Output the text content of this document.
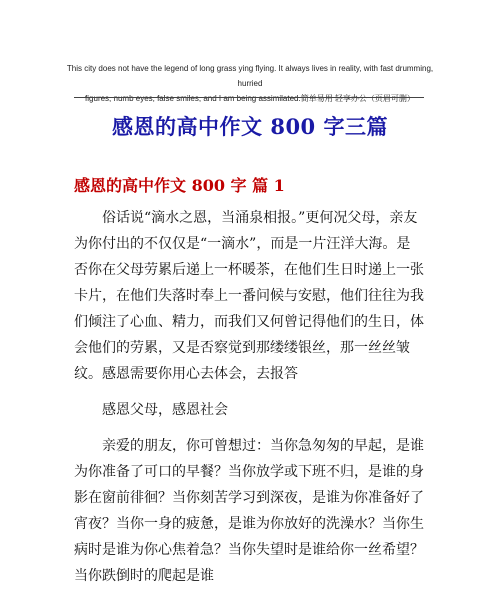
This city does not have the legend of long grass ying flying. It always lives in reality, with fast drumming, hurried
figures, numb eyes, false smiles, and I am being assimilated.简单易用 轻享办公（页眉可删）
感恩的高中作文 800 字三篇
感恩的高中作文 800 字 篇 1
俗话说“滴水之恩，当涌泉相报。”更何况父母，亲友为你付出的不仅仅是“一滴水”，而是一片汪洋大海。是否你在父母劳累后递上一杯暖茶，在他们生日时递上一张卡片，在他们失落时奉上一番问候与安慰，他们往往为我们倾注了心血、精力，而我们又何曾记得他们的生日，体会他们的劳累，又是否察觉到那缕缕银丝，那一丝丝皱纹。感恩需要你用心去体会，去报答
感恩父母，感恩社会
亲爱的朋友，你可曾想过：当你急匆匆的早起，是谁为你准备了可口的早餐？当你放学或下班不归，是谁的身影在窗前徘徊？当你刻苦学习到深夜，是谁为你准备好了宵夜？当你一身的疲惫，是谁为你放好的洗澡水？当你生病时是谁为你心焦着急？当你失望时是谁给你一丝希望？当你跌倒时的爬起是谁
